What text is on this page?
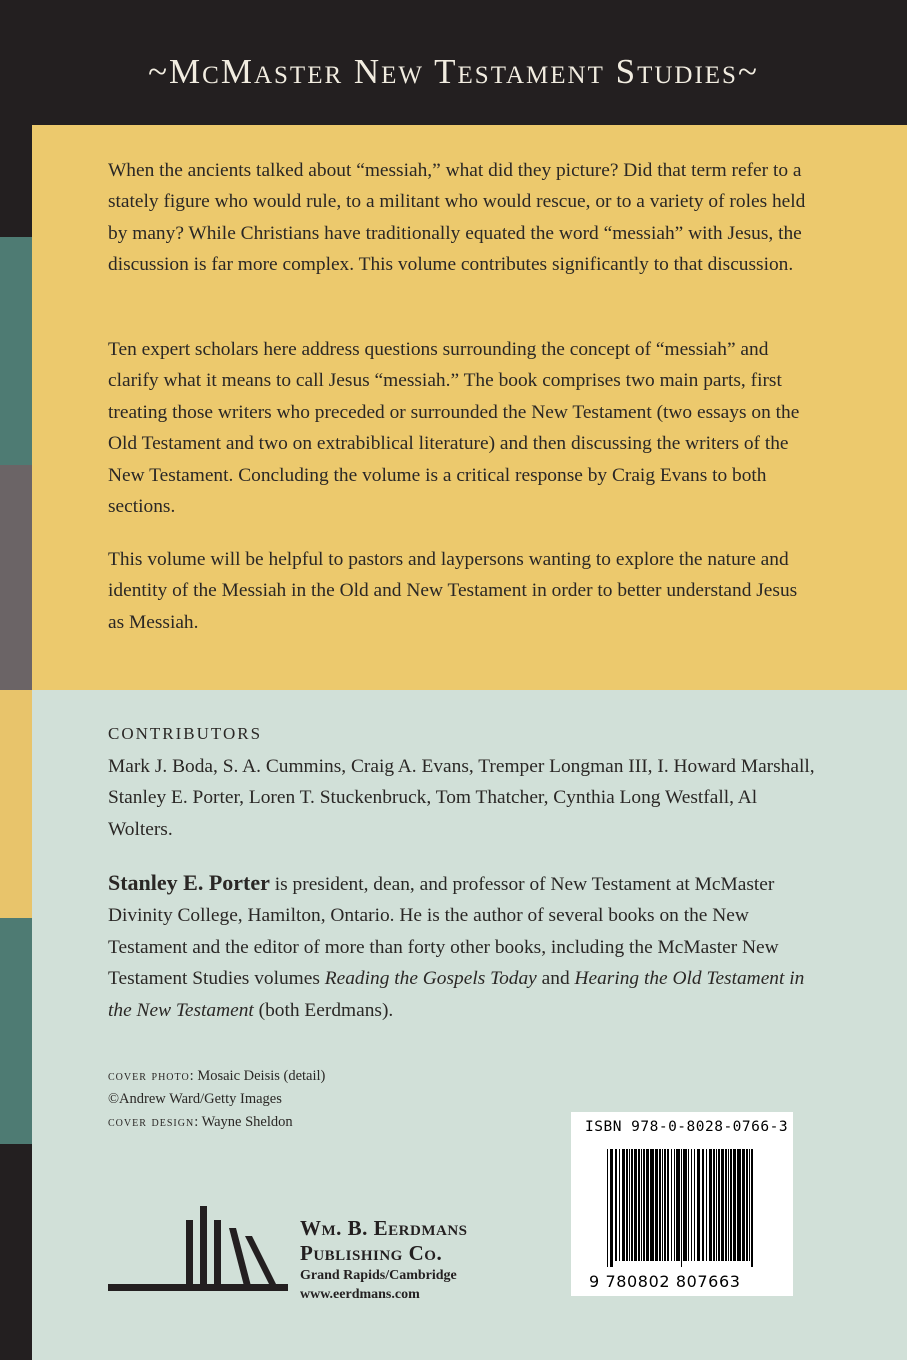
~McMaster New Testament Studies~

When the ancients talked about “messiah,” what did they picture? Did that term refer to a stately figure who would rule, to a militant who would rescue, or to a variety of roles held by many? While Christians have traditionally equated the word “messiah” with Jesus, the discussion is far more complex. This volume contributes significantly to that discussion.

Ten expert scholars here address questions surrounding the concept of “messiah” and clarify what it means to call Jesus “messiah.” The book comprises two main parts, first treating those writers who preceded or surrounded the New Testament (two essays on the Old Testament and two on extrabiblical literature) and then discussing the writers of the New Testament. Concluding the volume is a critical response by Craig Evans to both sections.

This volume will be helpful to pastors and laypersons wanting to explore the nature and identity of the Messiah in the Old and New Testament in order to better understand Jesus as Messiah.

CONTRIBUTORS

Mark J. Boda, S. A. Cummins, Craig A. Evans, Tremper Longman III, I. Howard Marshall, Stanley E. Porter, Loren T. Stuckenbruck, Tom Thatcher, Cynthia Long Westfall, Al Wolters.

Stanley E. Porter is president, dean, and professor of New Testament at McMaster Divinity College, Hamilton, Ontario. He is the author of several books on the New Testament and the editor of more than forty other books, including the McMaster New Testament Studies volumes Reading the Gospels Today and Hearing the Old Testament in the New Testament (both Eerdmans).

cover photo: Mosaic Deisis (detail)
©Andrew Ward/Getty Images
cover design: Wayne Sheldon
Wm. B. Eerdmans
Publishing Co.
Grand Rapids/Cambridge
www.eerdmans.com
ISBN 978-0-8028-0766-3
9 780802 807663
